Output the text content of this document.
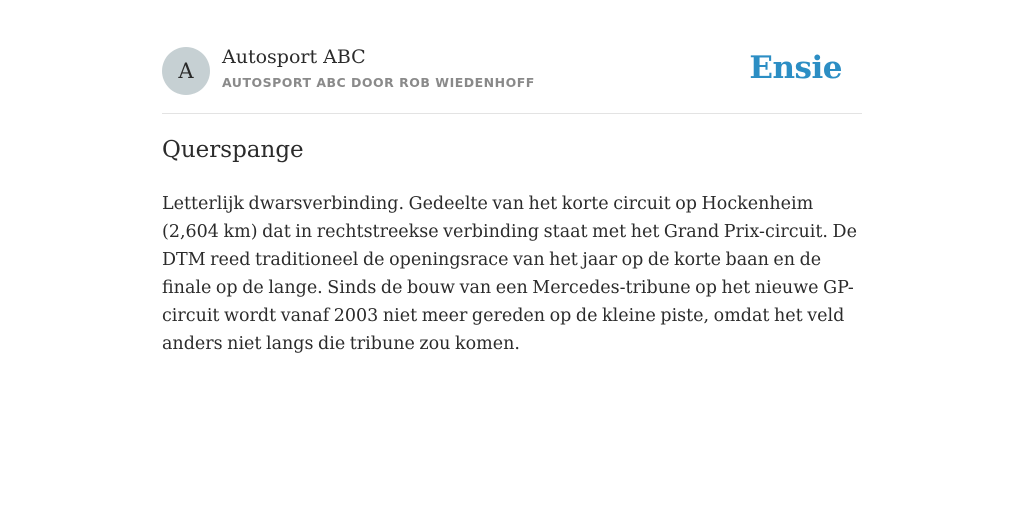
A
Autosport ABC
AUTOSPORT ABC DOOR ROB WIEDENHOFF	Ensie
Querspange
Letterlijk dwarsverbinding. Gedeelte van het korte circuit op Hockenheim (2,604 km) dat in rechtstreekse verbinding staat met het Grand Prix-circuit. De DTM reed traditioneel de openingsrace van het jaar op de korte baan en de finale op de lange. Sinds de bouw van een Mercedes-tribune op het nieuwe GP-circuit wordt vanaf 2003 niet meer gereden op de kleine piste, omdat het veld anders niet langs die tribune zou komen.
